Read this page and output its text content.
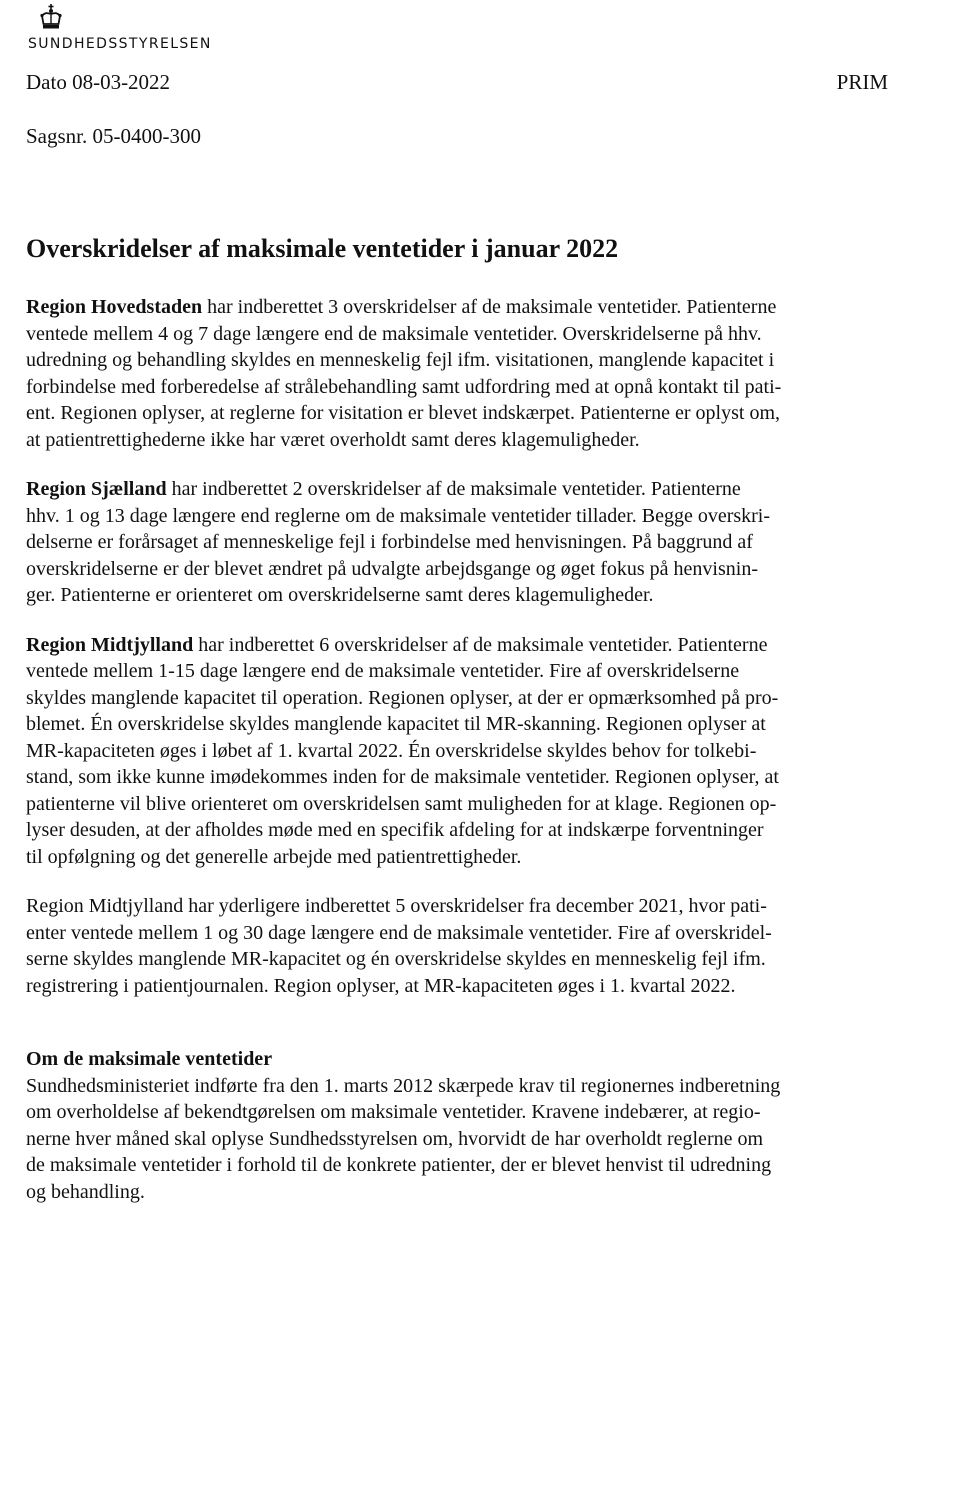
SUNDHEDSSTYRELSEN
Dato 08-03-2022	PRIM
Sagsnr. 05-0400-300
Overskridelser af maksimale ventetider i januar 2022

Region Hovedstaden har indberettet 3 overskridelser af de maksimale ventetider. Patienterne
ventede mellem 4 og 7 dage længere end de maksimale ventetider. Overskridelserne på hhv.
udredning og behandling skyldes en menneskelig fejl ifm. visitationen, manglende kapacitet i
forbindelse med forberedelse af strålebehandling samt udfordring med at opnå kontakt til pati-
ent. Regionen oplyser, at reglerne for visitation er blevet indskærpet. Patienterne er oplyst om,
at patientrettighederne ikke har været overholdt samt deres klagemuligheder.

Region Sjælland har indberettet 2 overskridelser af de maksimale ventetider. Patienterne
hhv. 1 og 13 dage længere end reglerne om de maksimale ventetider tillader. Begge overskri-
delserne er forårsaget af menneskelige fejl i forbindelse med henvisningen. På baggrund af
overskridelserne er der blevet ændret på udvalgte arbejdsgange og øget fokus på henvisnin-
ger. Patienterne er orienteret om overskridelserne samt deres klagemuligheder.

Region Midtjylland har indberettet 6 overskridelser af de maksimale ventetider. Patienterne
ventede mellem 1-15 dage længere end de maksimale ventetider. Fire af overskridelserne
skyldes manglende kapacitet til operation. Regionen oplyser, at der er opmærksomhed på pro-
blemet. Én overskridelse skyldes manglende kapacitet til MR-skanning. Regionen oplyser at
MR-kapaciteten øges i løbet af 1. kvartal 2022. Én overskridelse skyldes behov for tolkebi-
stand, som ikke kunne imødekommes inden for de maksimale ventetider. Regionen oplyser, at
patienterne vil blive orienteret om overskridelsen samt muligheden for at klage. Regionen op-
lyser desuden, at der afholdes møde med en specifik afdeling for at indskærpe forventninger
til opfølgning og det generelle arbejde med patientrettigheder.

Region Midtjylland har yderligere indberettet 5 overskridelser fra december 2021, hvor pati-
enter ventede mellem 1 og 30 dage længere end de maksimale ventetider. Fire af overskridel-
serne skyldes manglende MR-kapacitet og én overskridelse skyldes en menneskelig fejl ifm.
registrering i patientjournalen. Region oplyser, at MR-kapaciteten øges i 1. kvartal 2022.

Om de maksimale ventetider
Sundhedsministeriet indførte fra den 1. marts 2012 skærpede krav til regionernes indberetning
om overholdelse af bekendtgørelsen om maksimale ventetider. Kravene indebærer, at regio-
nerne hver måned skal oplyse Sundhedsstyrelsen om, hvorvidt de har overholdt reglerne om
de maksimale ventetider i forhold til de konkrete patienter, der er blevet henvist til udredning
og behandling.
